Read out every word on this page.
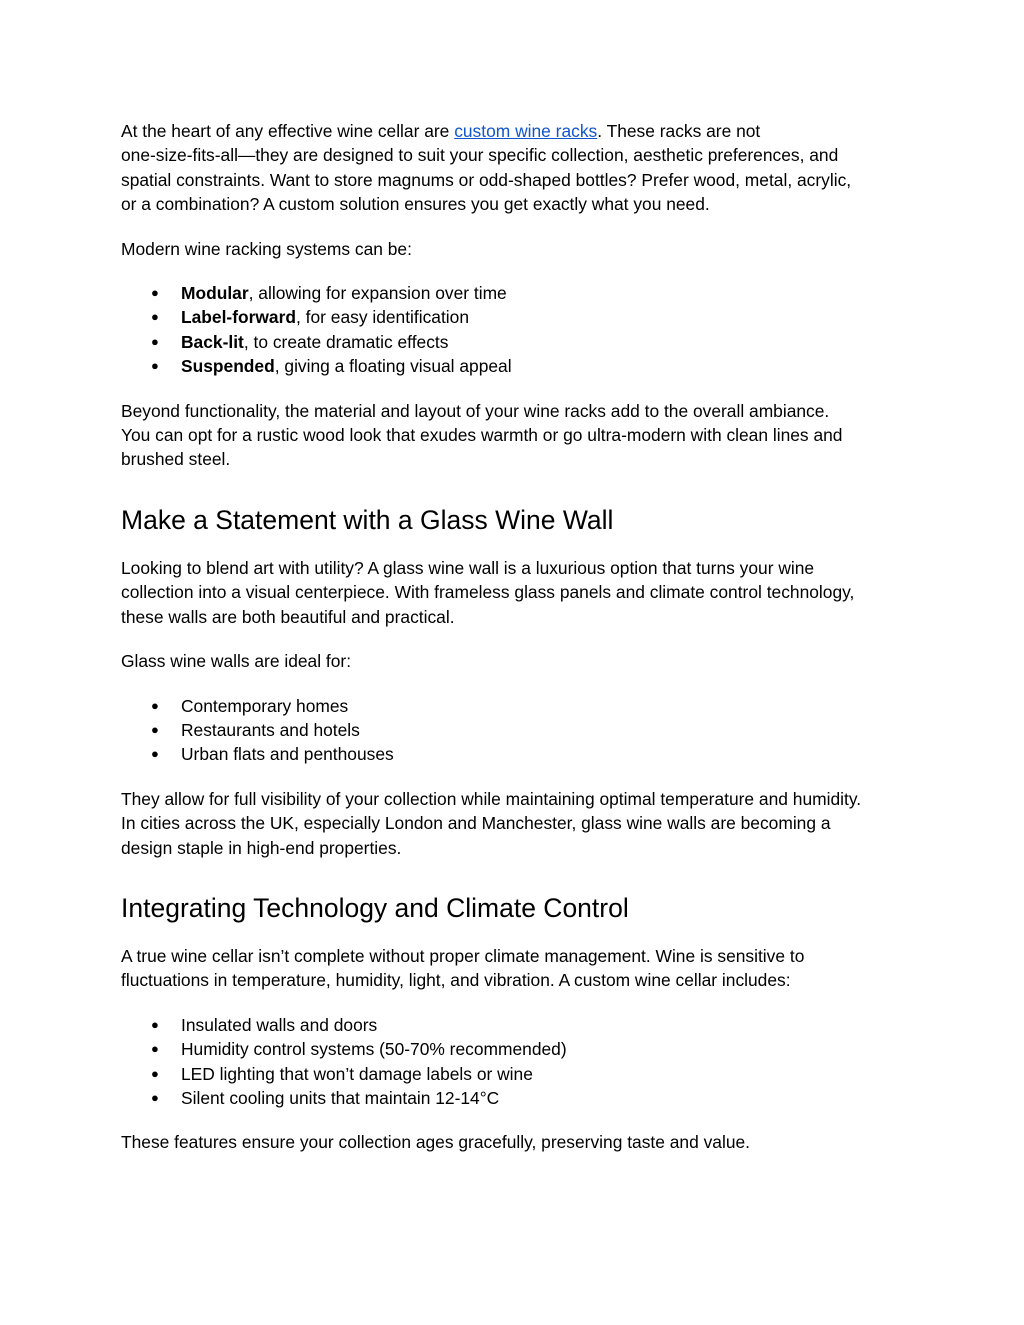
At the heart of any effective wine cellar are custom wine racks. These racks are not
one-size-fits-all—they are designed to suit your specific collection, aesthetic preferences, and
spatial constraints. Want to store magnums or odd-shaped bottles? Prefer wood, metal, acrylic,
or a combination? A custom solution ensures you get exactly what you need.

Modern wine racking systems can be:

● Modular, allowing for expansion over time
● Label-forward, for easy identification
● Back-lit, to create dramatic effects
● Suspended, giving a floating visual appeal

Beyond functionality, the material and layout of your wine racks add to the overall ambiance.
You can opt for a rustic wood look that exudes warmth or go ultra-modern with clean lines and
brushed steel.

Make a Statement with a Glass Wine Wall

Looking to blend art with utility? A glass wine wall is a luxurious option that turns your wine
collection into a visual centerpiece. With frameless glass panels and climate control technology,
these walls are both beautiful and practical.

Glass wine walls are ideal for:

● Contemporary homes
● Restaurants and hotels
● Urban flats and penthouses

They allow for full visibility of your collection while maintaining optimal temperature and humidity.
In cities across the UK, especially London and Manchester, glass wine walls are becoming a
design staple in high-end properties.

Integrating Technology and Climate Control

A true wine cellar isn’t complete without proper climate management. Wine is sensitive to
fluctuations in temperature, humidity, light, and vibration. A custom wine cellar includes:

● Insulated walls and doors
● Humidity control systems (50-70% recommended)
● LED lighting that won’t damage labels or wine
● Silent cooling units that maintain 12-14°C

These features ensure your collection ages gracefully, preserving taste and value.
